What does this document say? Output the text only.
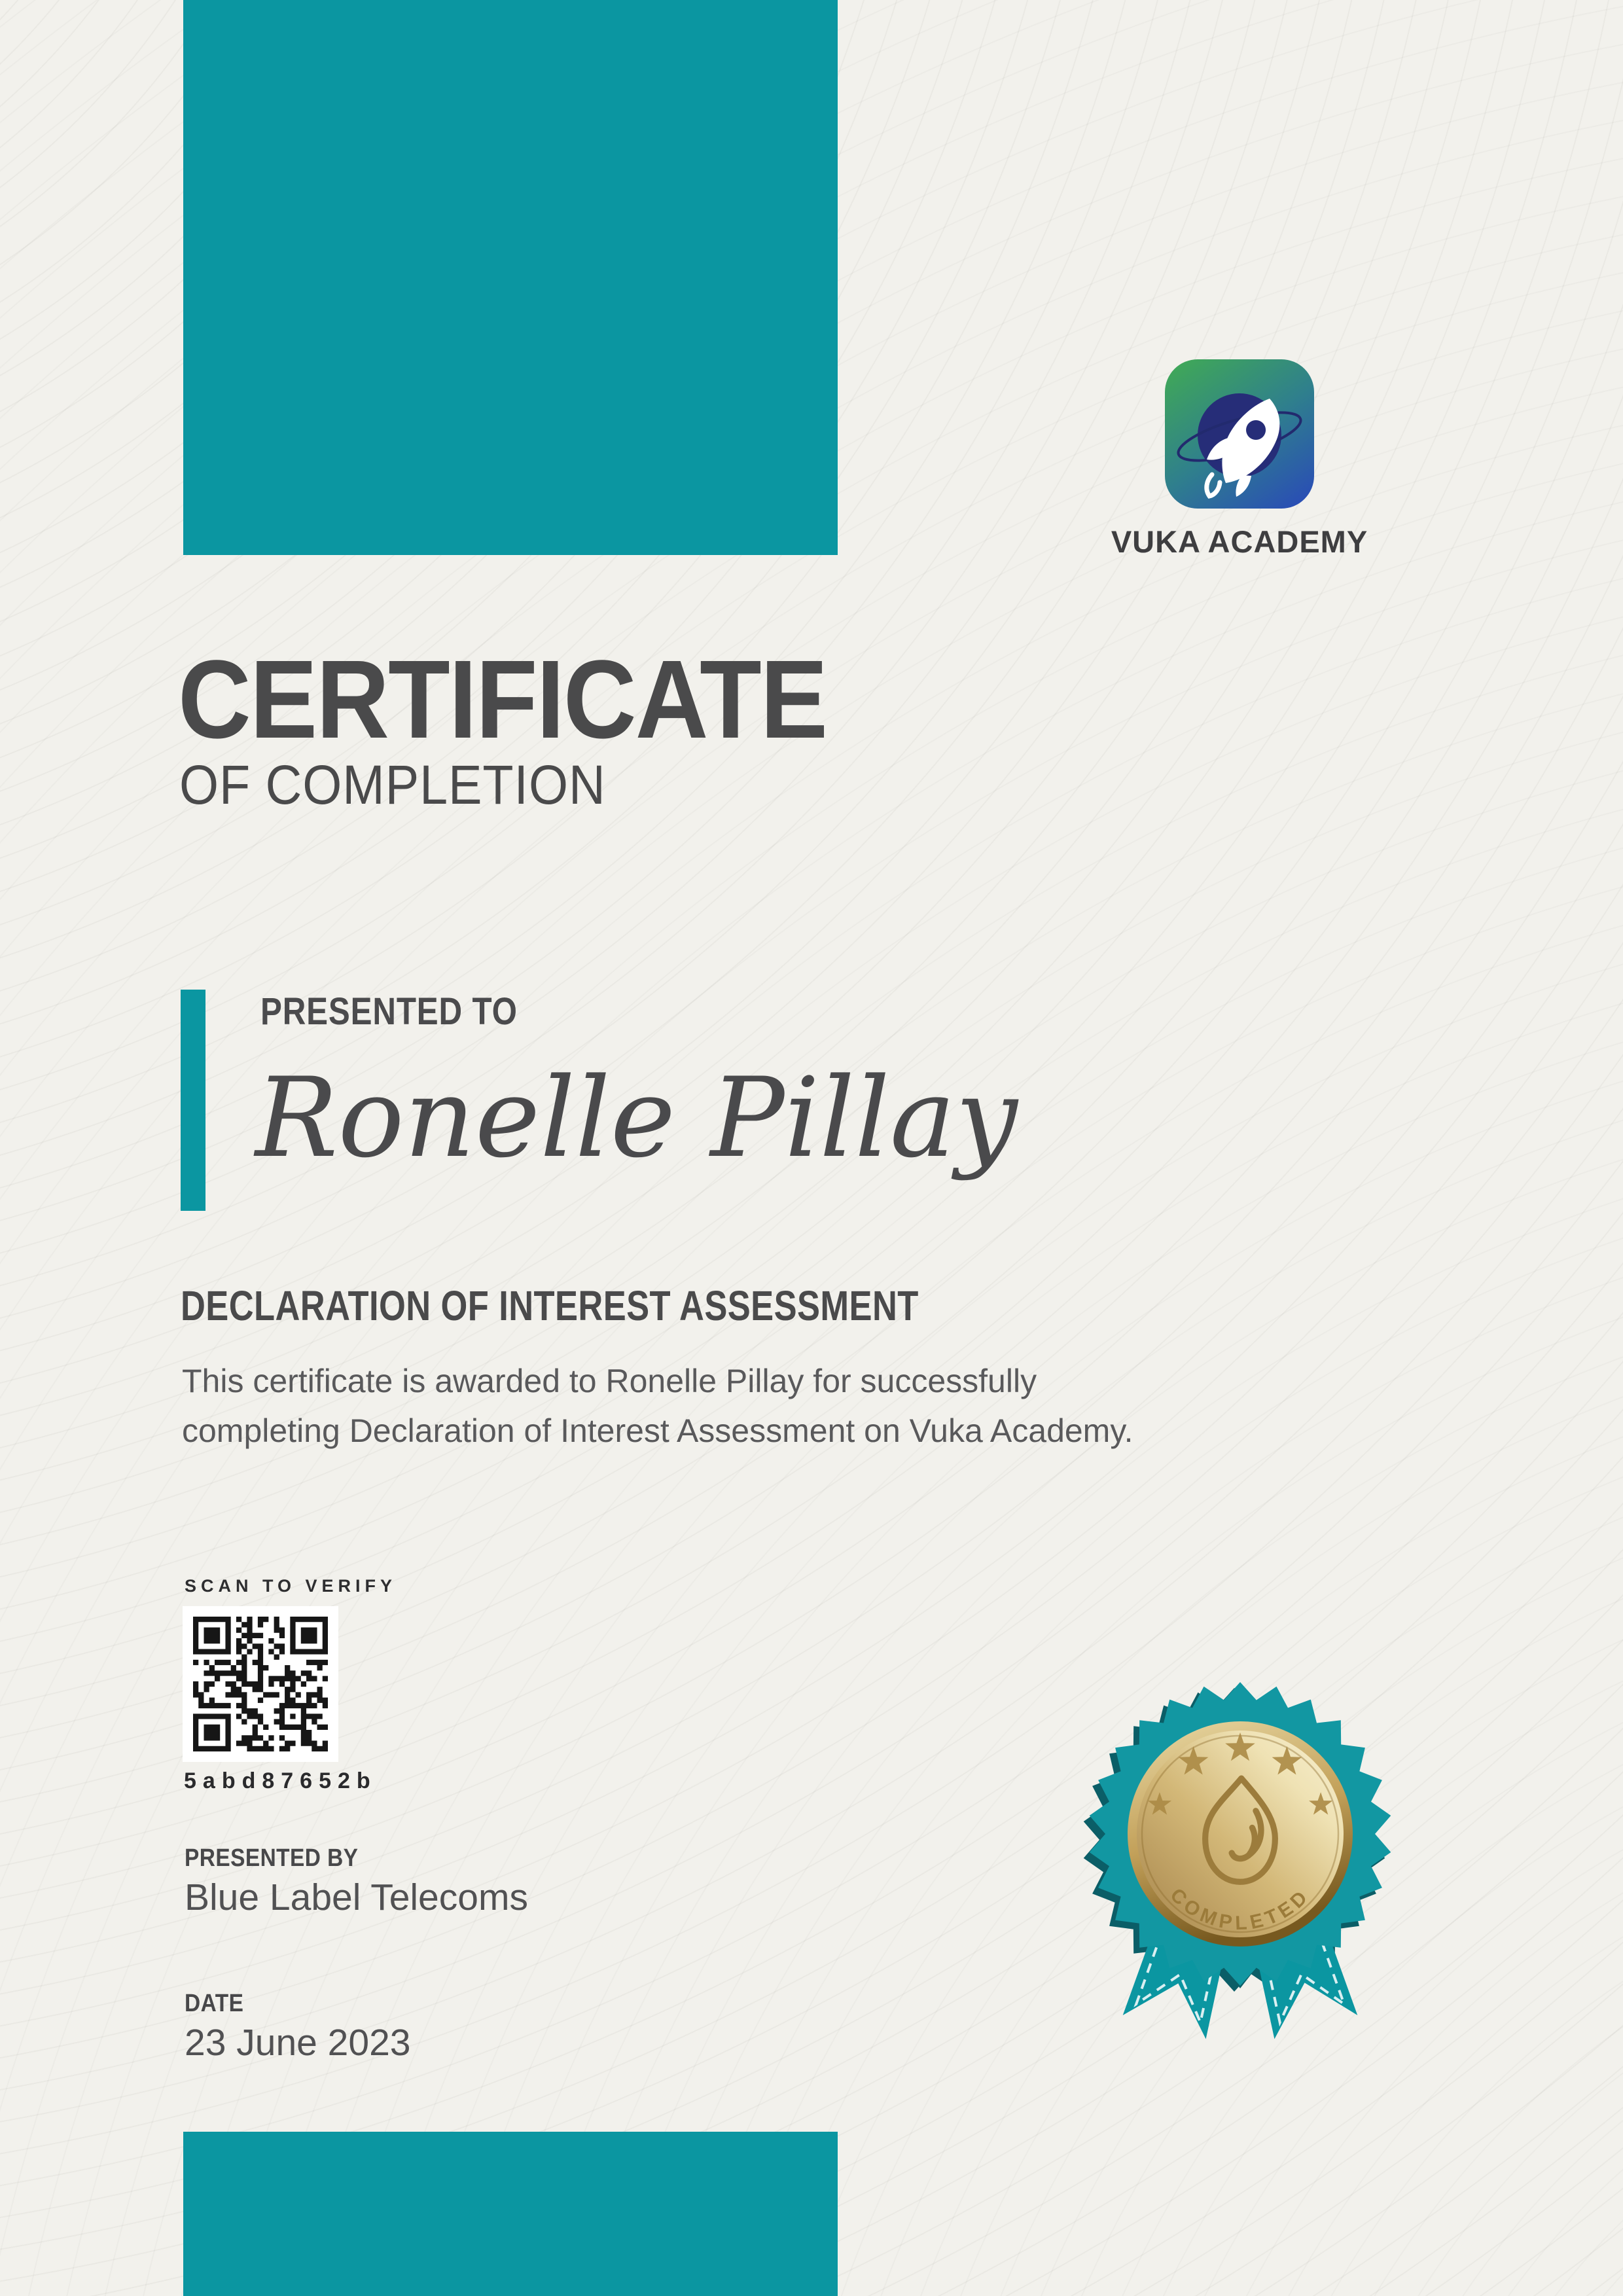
VUKA ACADEMY
CERTIFICATE
OF COMPLETION
PRESENTED TO
Ronelle Pillay
DECLARATION OF INTEREST ASSESSMENT
This certificate is awarded to Ronelle Pillay for successfully
completing Declaration of Interest Assessment on Vuka Academy.
SCAN TO VERIFY
5abd87652b
PRESENTED BY
Blue Label Telecoms
DATE
23 June 2023
COMPLETED
